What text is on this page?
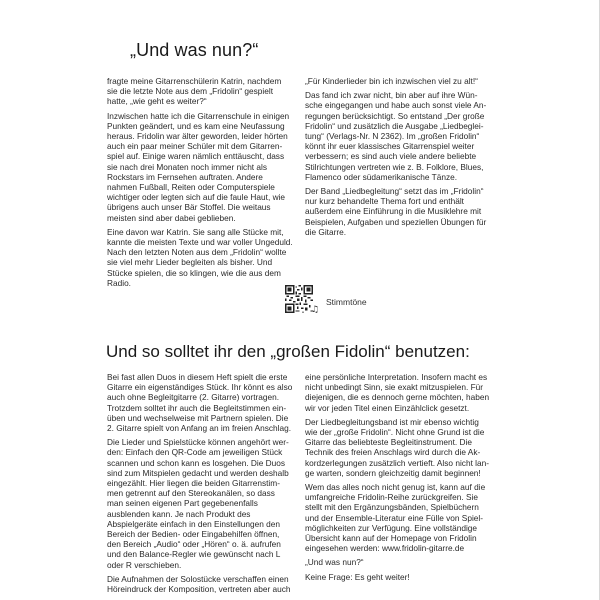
„Und was nun?“

fragte meine Gitarrenschülerin Katrin, nachdem sie die letzte Note aus dem „Fridolin“ gespielt hatte, „wie geht es weiter?“

Inzwischen hatte ich die Gitarrenschule in einigen Punkten geändert, und es kam eine Neufassung heraus. Fridolin war älter geworden, leider hörten auch ein paar meiner Schüler mit dem Gitarrenspiel auf. Einige waren nämlich enttäuscht, dass sie nach drei Monaten noch immer nicht als Rockstars im Fernsehen auftraten. Andere nahmen Fußball, Reiten oder Computerspiele wichtiger oder legten sich auf die faule Haut, wie übrigens auch unser Bär Stoffel. Die weitaus meisten sind aber dabei geblieben.

Eine davon war Katrin. Sie sang alle Stücke mit, kannte die meisten Texte und war voller Ungeduld. Nach den letzten Noten aus dem „Fridolin“ wollte sie viel mehr Lieder begleiten als bisher. Und Stücke spielen, die so klingen, wie die aus dem Radio.

„Für Kinderlieder bin ich inzwischen viel zu alt!“

Das fand ich zwar nicht, bin aber auf ihre Wünsche eingegangen und habe auch sonst viele Anregungen berücksichtigt. So entstand „Der große Fridolin“ und zusätzlich die Ausgabe „Liedbegleitung“ (Verlags-Nr. N 2362). Im „großen Fridolin“ könnt ihr euer klassisches Gitarrenspiel weiter verbessern; es sind auch viele andere beliebte Stilrichtungen vertreten wie z. B. Folklore, Blues, Flamenco oder südamerikanische Tänze.

Der Band „Liedbegleitung“ setzt das im „Fridolin“ nur kurz behandelte Thema fort und enthält außerdem eine Einführung in die Musiklehre mit Beispielen, Aufgaben und speziellen Übungen für die Gitarre.

♫
Stimmtöne
Und so solltet ihr den „großen Fidolin“ benutzen:

Bei fast allen Duos in diesem Heft spielt die erste Gitarre ein eigenständiges Stück. Ihr könnt es also auch ohne Begleitgitarre (2. Gitarre) vortragen. Trotzdem solltet ihr auch die Begleitstimmen einüben und wechselweise mit Partnern spielen. Die 2. Gitarre spielt von Anfang an im freien Anschlag.

Die Lieder und Spielstücke können angehört werden: Einfach den QR-Code am jeweiligen Stück scannen und schon kann es losgehen. Die Duos sind zum Mitspielen gedacht und werden deshalb eingezählt. Hier liegen die beiden Gitarrenstimmen getrennt auf den Stereokanälen, so dass man seinen eigenen Part gegebenenfalls ausblenden kann. Je nach Produkt des Abspielgeräte einfach in den Einstellungen den Bereich der Bedien- oder Eingabehilfen öffnen, den Bereich „Audio“ oder „Hören“ o. ä. aufrufen und den Balance-Regler wie gewünscht nach L oder R verschieben.

Die Aufnahmen der Solostücke verschaffen einen Höreindruck der Komposition, vertreten aber auch

eine persönliche Interpretation. Insofern macht es nicht unbedingt Sinn, sie exakt mitzuspielen. Für diejenigen, die es dennoch gerne möchten, haben wir vor jeden Titel einen Einzählclick gesetzt.

Der Liedbegleitungsband ist mir ebenso wichtig wie der „große Fridolin“. Nicht ohne Grund ist die Gitarre das beliebteste Begleitinstrument. Die Technik des freien Anschlags wird durch die Akkordzerlegungen zusätzlich vertieft. Also nicht lange warten, sondern gleichzeitig damit beginnen!

Wem das alles noch nicht genug ist, kann auf die umfangreiche Fridolin-Reihe zurückgreifen. Sie stellt mit den Ergänzungsbänden, Spielbüchern und der Ensemble-Literatur eine Fülle von Spielmöglichkeiten zur Verfügung. Eine vollständige Übersicht kann auf der Homepage von Fridolin eingesehen werden: www.fridolin-gitarre.de

„Und was nun?“

Keine Frage: Es geht weiter!
